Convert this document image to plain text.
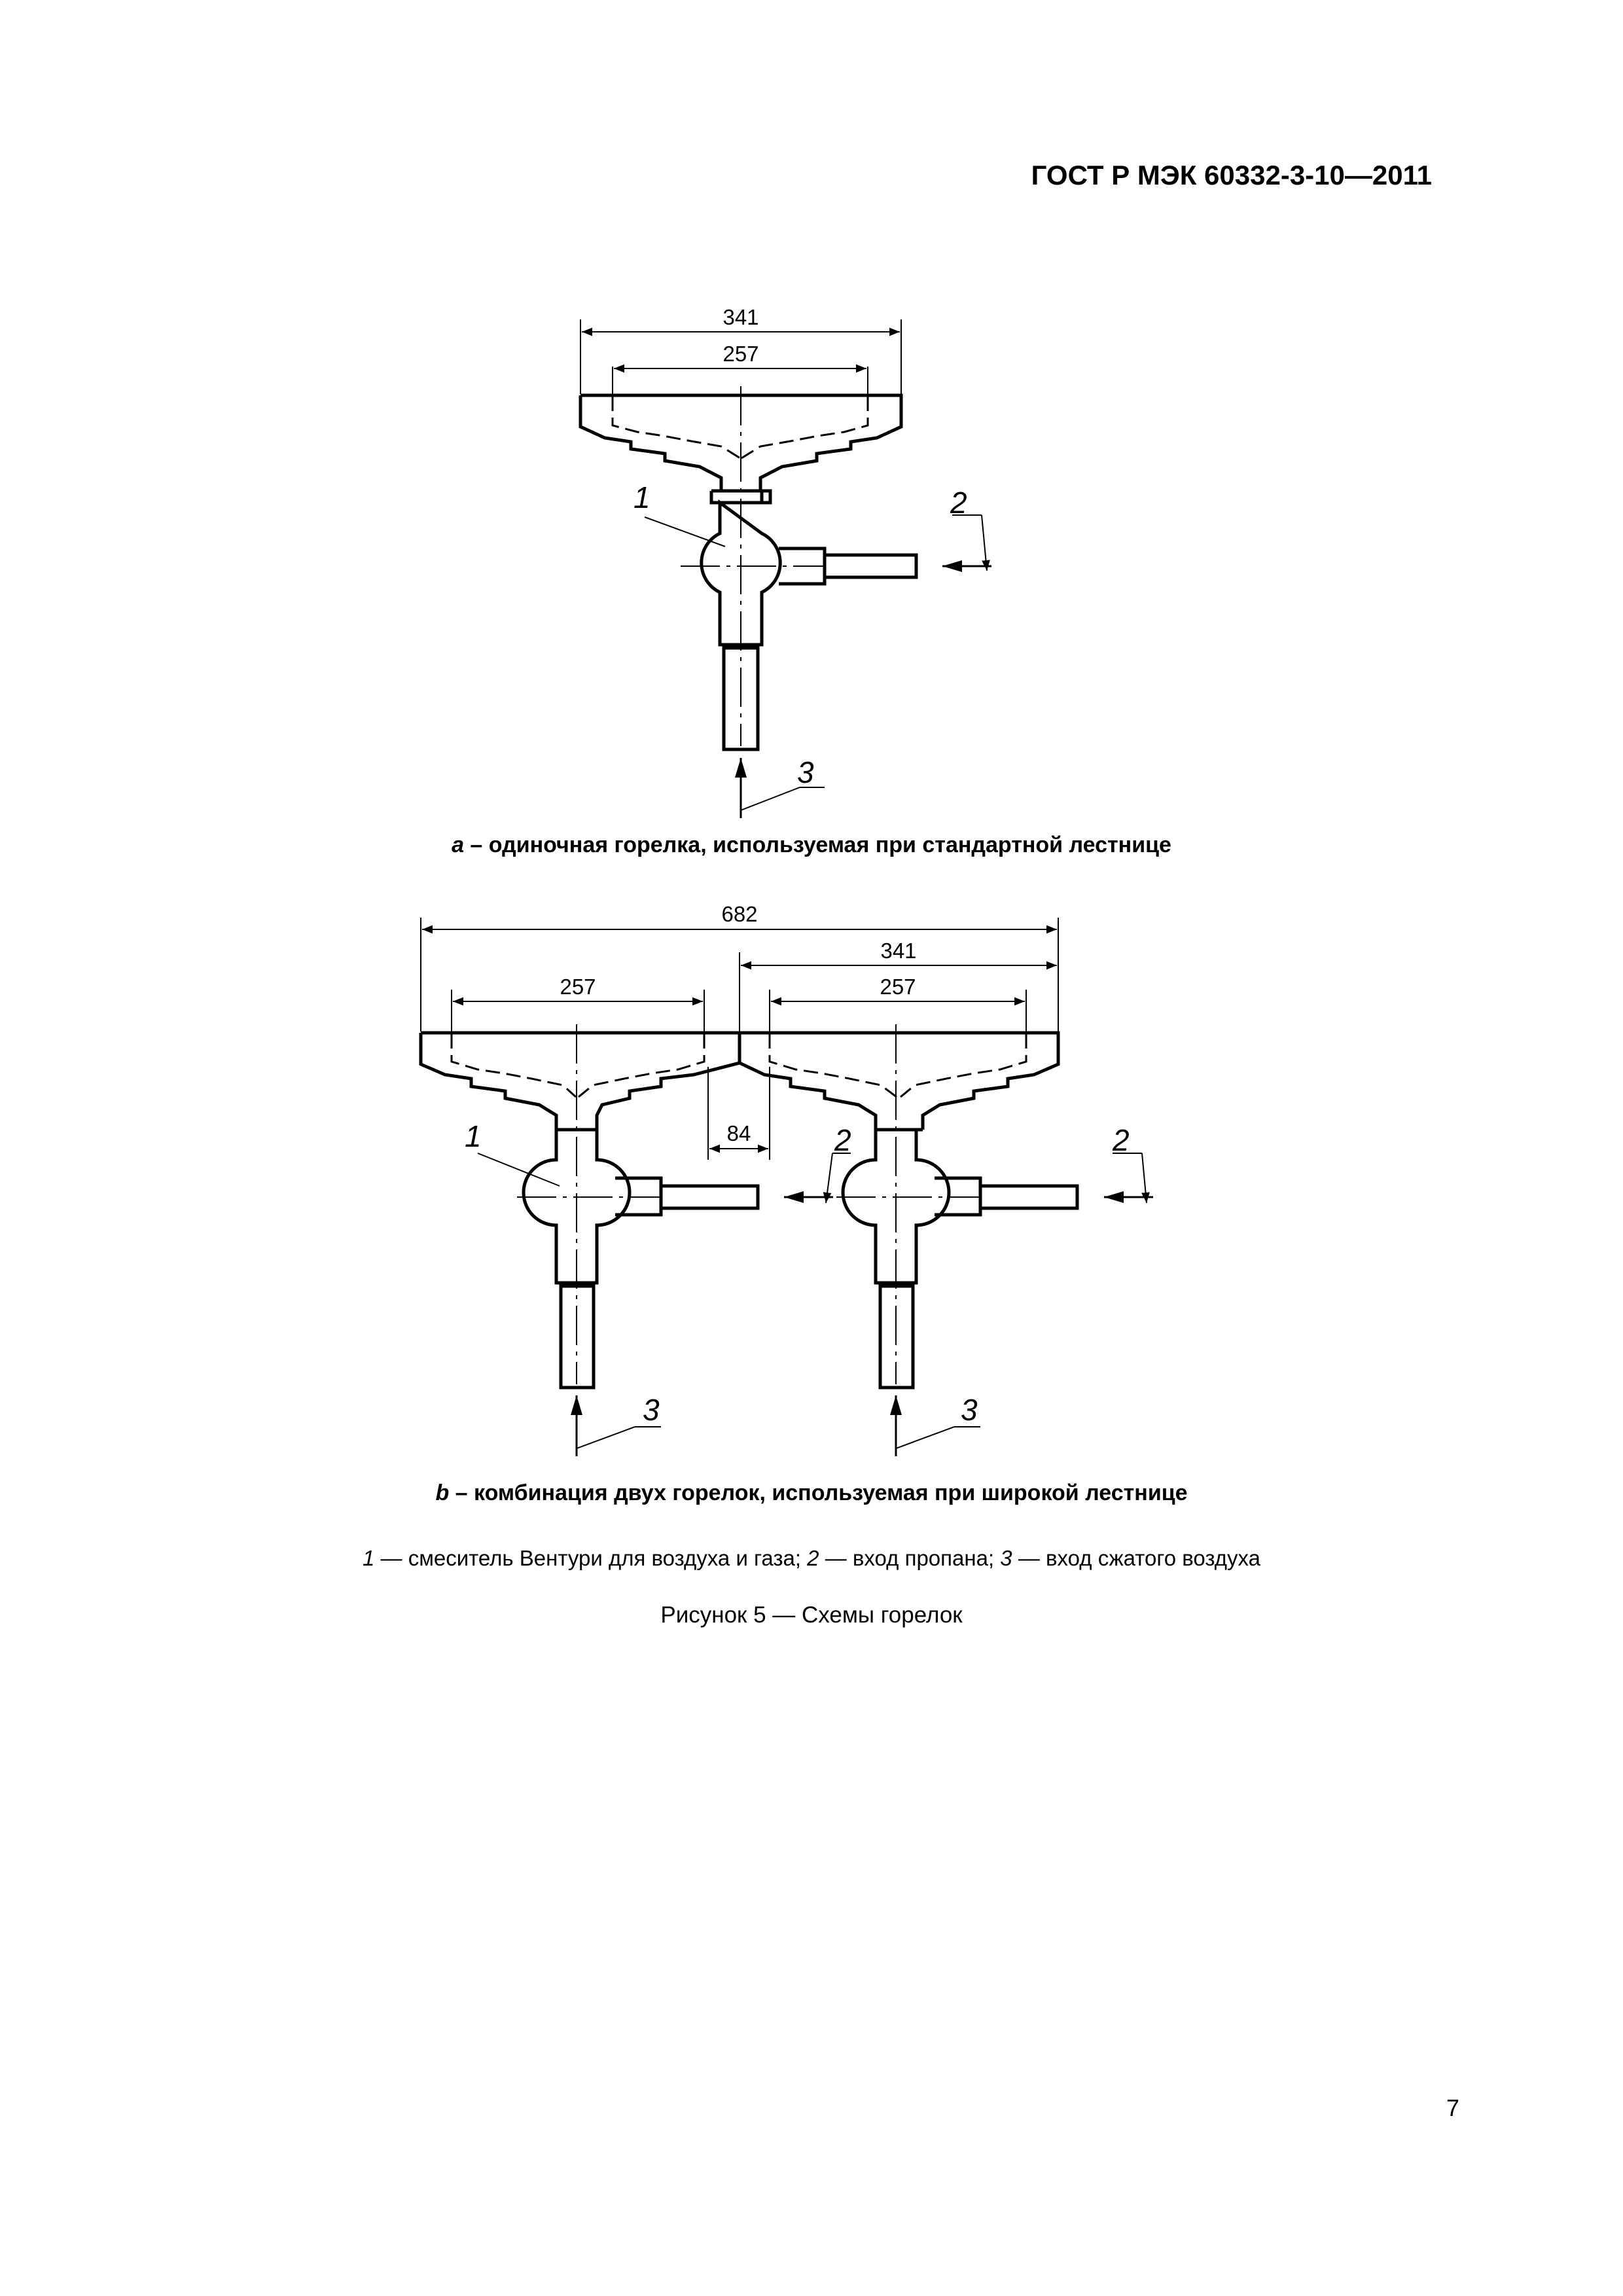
ГОСТ Р МЭК 60332-3-10—2011
341
257
1	2
3
682
341
257	257
84
1	2	2
3	3
a – одиночная горелка, используемая при стандартной лестнице
b – комбинация двух горелок, используемая при широкой лестнице
1 — смеситель Вентури для воздуха и газа; 2 — вход пропана; 3 — вход сжатого воздуха
Рисунок 5 — Схемы горелок
7
